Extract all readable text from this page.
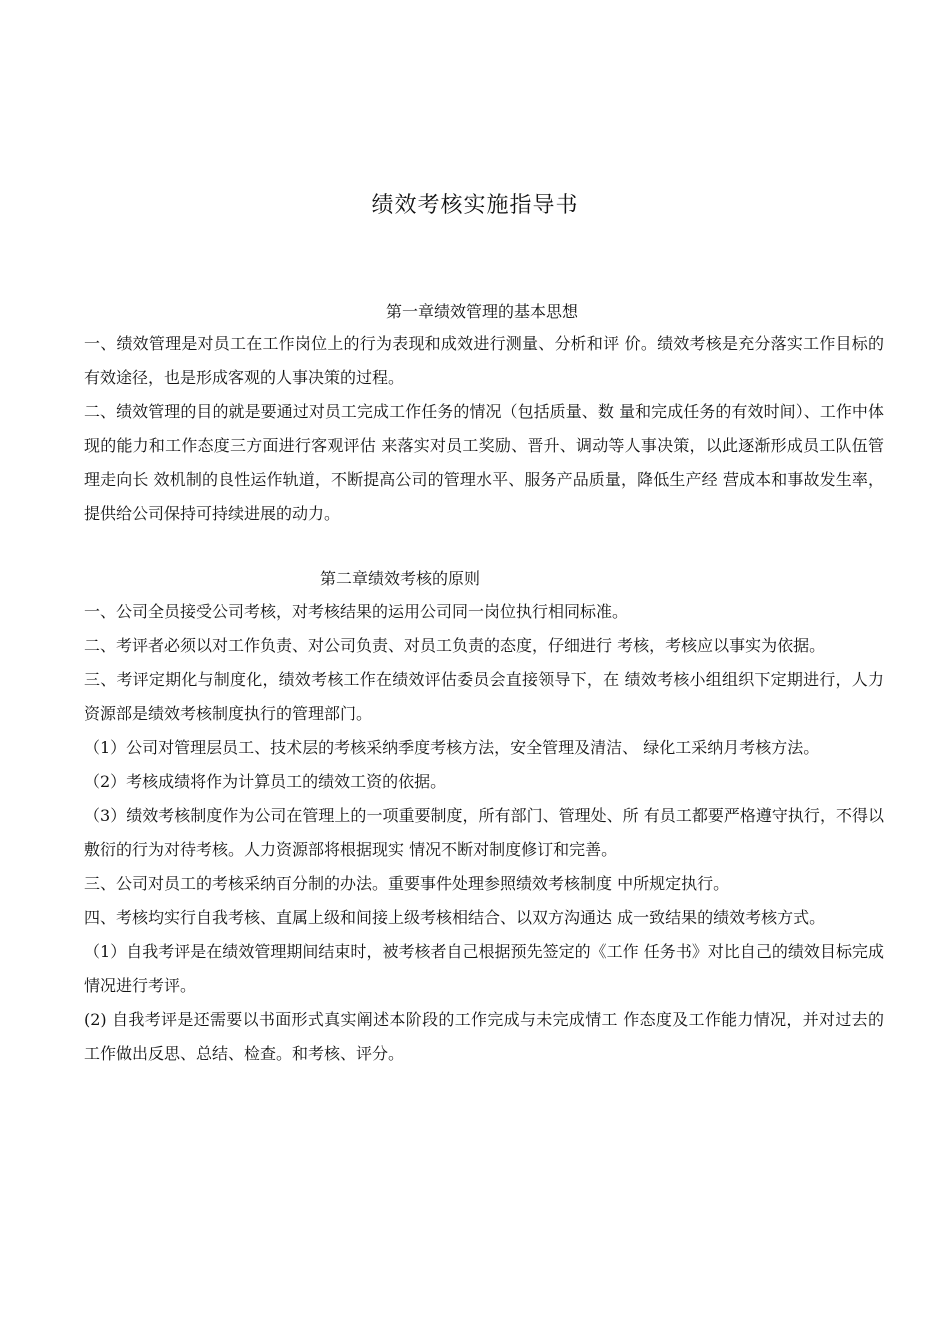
绩效考核实施指导书
第一章绩效管理的基本思想

一、绩效管理是对员工在工作岗位上的行为表现和成效进行测量、分析和评 价。绩效考核是充分落实工作目标的有效途径，也是形成客观的人事决策的过程。

二、绩效管理的目的就是要通过对员工完成工作任务的情况（包括质量、数 量和完成任务的有效时间）、工作中体现的能力和工作态度三方面进行客观评估 来落实对员工奖励、晋升、调动等人事决策，以此逐渐形成员工队伍管理走向长 效机制的良性运作轨道，不断提高公司的管理水平、服务产品质量，降低生产经 营成本和事故发生率，提供给公司保持可持续进展的动力。

第二章绩效考核的原则

一、公司全员接受公司考核，对考核结果的运用公司同一岗位执行相同标准。

二、考评者必须以对工作负责、对公司负责、对员工负责的态度，仔细进行 考核，考核应以事实为依据。

三、考评定期化与制度化，绩效考核工作在绩效评估委员会直接领导下，在 绩效考核小组组织下定期进行，人力资源部是绩效考核制度执行的管理部门。

（1）公司对管理层员工、技术层的考核采纳季度考核方法，安全管理及清洁、 绿化工采纳月考核方法。

（2）考核成绩将作为计算员工的绩效工资的依据。

（3）绩效考核制度作为公司在管理上的一项重要制度，所有部门、管理处、所 有员工都要严格遵守执行，不得以敷衍的行为对待考核。人力资源部将根据现实 情况不断对制度修订和完善。

三、公司对员工的考核采纳百分制的办法。重要事件处理参照绩效考核制度 中所规定执行。

四、考核均实行自我考核、直属上级和间接上级考核相结合、以双方沟通达 成一致结果的绩效考核方式。

（1）自我考评是在绩效管理期间结束时，被考核者自己根据预先签定的《工作 任务书》对比自己的绩效目标完成情况进行考评。

(2) 自我考评是还需要以书面形式真实阐述本阶段的工作完成与未完成情工 作态度及工作能力情况，并对过去的工作做出反思、总结、检查。和考核、评分。
